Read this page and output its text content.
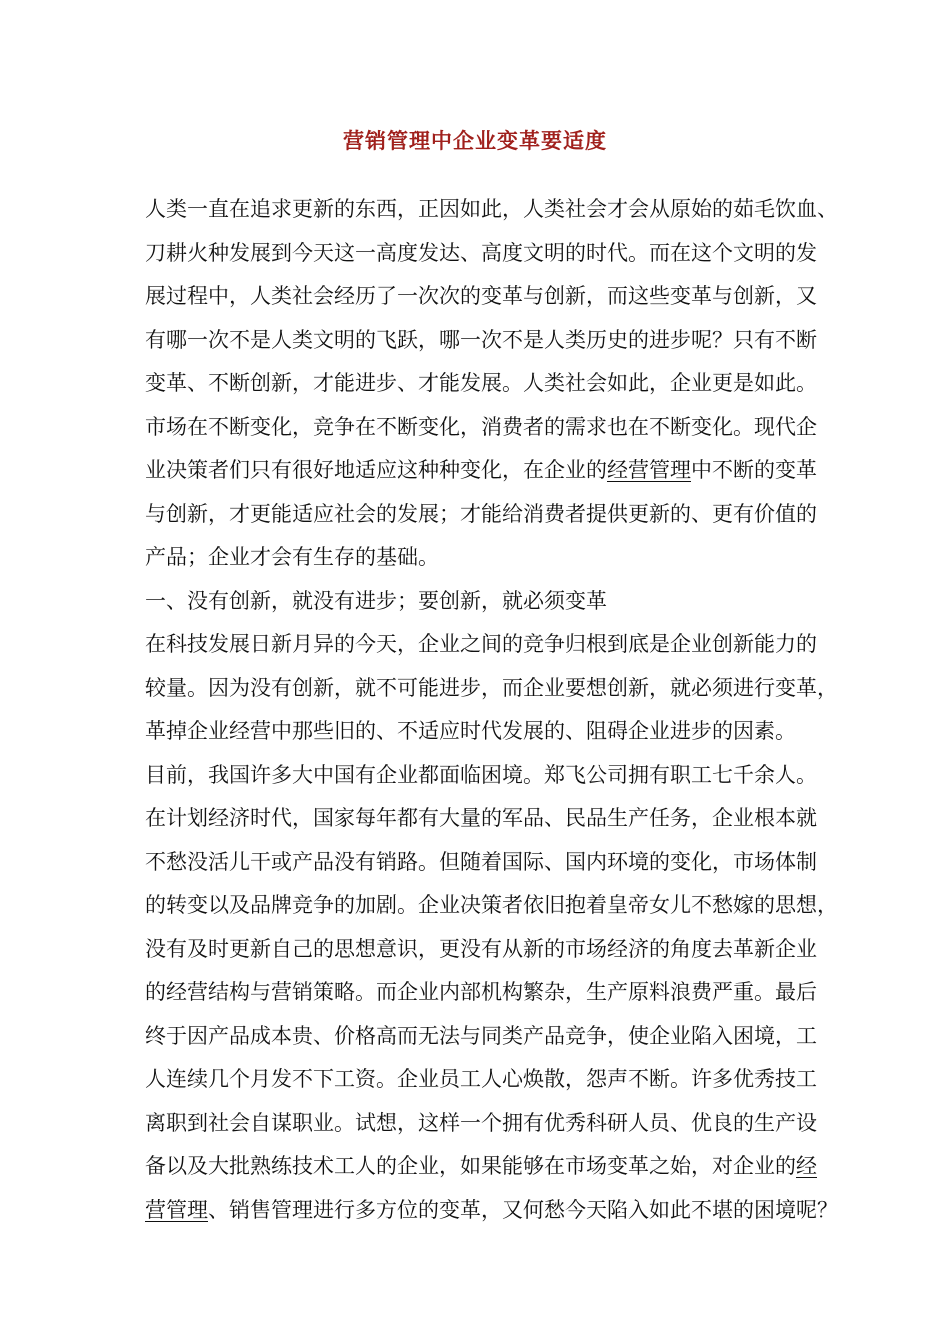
营销管理中企业变革要适度
人类一直在追求更新的东西，正因如此，人类社会才会从原始的茹毛饮血、
刀耕火种发展到今天这一高度发达、高度文明的时代。而在这个文明的发
展过程中，人类社会经历了一次次的变革与创新，而这些变革与创新，又
有哪一次不是人类文明的飞跃，哪一次不是人类历史的进步呢？只有不断
变革、不断创新，才能进步、才能发展。人类社会如此，企业更是如此。
市场在不断变化，竞争在不断变化，消费者的需求也在不断变化。现代企
业决策者们只有很好地适应这种种变化，在企业的经营管理中不断的变革
与创新，才更能适应社会的发展；才能给消费者提供更新的、更有价值的
产品；企业才会有生存的基础。
一、没有创新，就没有进步；要创新，就必须变革
在科技发展日新月异的今天，企业之间的竞争归根到底是企业创新能力的
较量。因为没有创新，就不可能进步，而企业要想创新，就必须进行变革，
革掉企业经营中那些旧的、不适应时代发展的、阻碍企业进步的因素。
目前，我国许多大中国有企业都面临困境。郑飞公司拥有职工七千余人。
在计划经济时代，国家每年都有大量的军品、民品生产任务，企业根本就
不愁没活儿干或产品没有销路。但随着国际、国内环境的变化，市场体制
的转变以及品牌竞争的加剧。企业决策者依旧抱着皇帝女儿不愁嫁的思想，
没有及时更新自己的思想意识，更没有从新的市场经济的角度去革新企业
的经营结构与营销策略。而企业内部机构繁杂，生产原料浪费严重。最后
终于因产品成本贵、价格高而无法与同类产品竞争，使企业陷入困境，工
人连续几个月发不下工资。企业员工人心焕散，怨声不断。许多优秀技工
离职到社会自谋职业。试想，这样一个拥有优秀科研人员、优良的生产设
备以及大批熟练技术工人的企业，如果能够在市场变革之始，对企业的经
营管理、销售管理进行多方位的变革，又何愁今天陷入如此不堪的困境呢？
